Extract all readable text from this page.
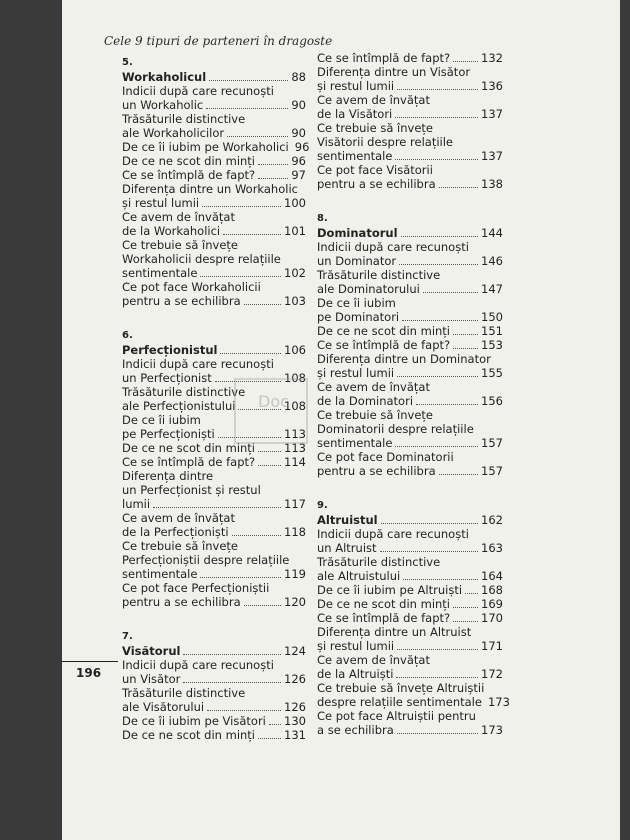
Cele 9 tipuri de parteneri în dragoste
5.
Workaholicul	88
Indicii după care recunoști
un Workaholic	90
Trăsăturile distinctive
ale Workaholicilor	90
De ce îi iubim pe Workaholici 96
De ce ne scot din minți	96
Ce se întîmplă de fapt?	97
Diferența dintre un Workaholic
și restul lumii	100
Ce avem de învățat
de la Workaholici	101
Ce trebuie să învețe
Workaholicii despre relațiile
sentimentale	102
Ce pot face Workaholicii
pentru a se echilibra	103
6.
Perfecționistul	106
Indicii după care recunoști
un Perfecționist	108
Trăsăturile distinctive
ale Perfecționistului	108
De ce îi iubim
pe Perfecționiști	113
De ce ne scot din minți	113
Ce se întîmplă de fapt?	114
Diferența dintre
un Perfecționist și restul
lumii	117
Ce avem de învățat
de la Perfecționiști	118
Ce trebuie să învețe
Perfecționiștii despre relațiile
sentimentale	119
Ce pot face Perfecționiștii
pentru a se echilibra	120
7.
Visătorul	124
Indicii după care recunoști
un Visător	126
Trăsăturile distinctive
ale Visătorului	126
De ce îi iubim pe Visători 130
De ce ne scot din minți	131
Ce se întîmplă de fapt?	132
Diferența dintre un Visător
și restul lumii	136
Ce avem de învățat
de la Visători	137
Ce trebuie să învețe
Visătorii despre relațiile
sentimentale	137
Ce pot face Visătorii
pentru a se echilibra	138
8.
Dominatorul	144
Indicii după care recunoști
un Dominator	146
Trăsăturile distinctive
ale Dominatorului	147
De ce îi iubim
pe Dominatori	150
De ce ne scot din minți	151
Ce se întîmplă de fapt?	153
Diferența dintre un Dominator
și restul lumii	155
Ce avem de învățat
de la Dominatori	156
Ce trebuie să învețe
Dominatorii despre relațiile
sentimentale	157
Ce pot face Dominatorii
pentru a se echilibra	157
9.
Altruistul	162
Indicii după care recunoști
un Altruist	163
Trăsăturile distinctive
ale Altruistului	164
De ce îi iubim pe Altruiști 168
De ce ne scot din minți	169
Ce se întîmplă de fapt?	170
Diferența dintre un Altruist
și restul lumii	171
Ce avem de învățat
de la Altruiști	172
Ce trebuie să învețe Altruiștii
despre relațiile sentimentale 173
Ce pot face Altruiștii pentru
a se echilibra	173
196
Doc
